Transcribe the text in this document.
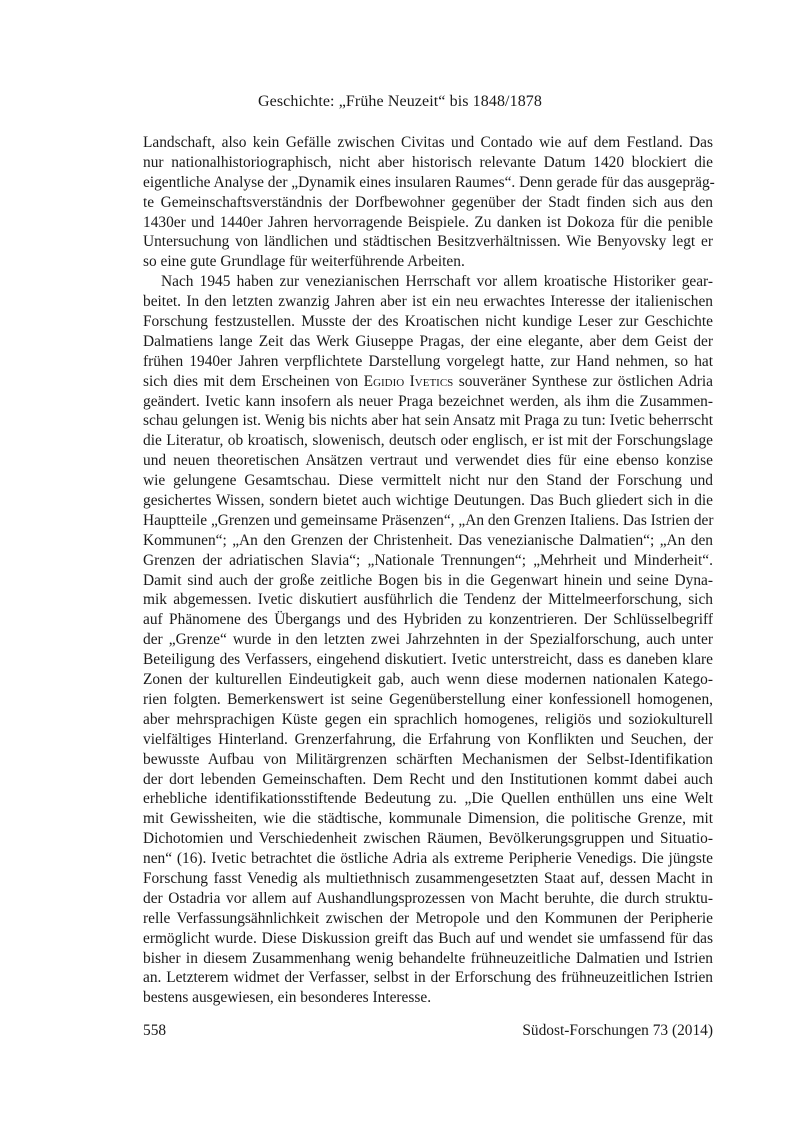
Geschichte: „Frühe Neuzeit“ bis 1848/1878
Landschaft, also kein Gefälle zwischen Civitas und Contado wie auf dem Festland. Das
nur nationalhistoriographisch, nicht aber historisch relevante Datum 1420 blockiert die
eigentliche Analyse der „Dynamik eines insularen Raumes“. Denn gerade für das ausgepräg-
te Gemeinschaftsverständnis der Dorfbewohner gegenüber der Stadt finden sich aus den
1430er und 1440er Jahren hervorragende Beispiele. Zu danken ist Dokoza für die penible
Untersuchung von ländlichen und städtischen Besitzverhältnissen. Wie Benyovsky legt er
so eine gute Grundlage für weiterführende Arbeiten.
Nach 1945 haben zur venezianischen Herrschaft vor allem kroatische Historiker gear-
beitet. In den letzten zwanzig Jahren aber ist ein neu erwachtes Interesse der italienischen
Forschung festzustellen. Musste der des Kroatischen nicht kundige Leser zur Geschichte
Dalmatiens lange Zeit das Werk Giuseppe Pragas, der eine elegante, aber dem Geist der
frühen 1940er Jahren verpflichtete Darstellung vorgelegt hatte, zur Hand nehmen, so hat
sich dies mit dem Erscheinen von Egidio Ivetics souveräner Synthese zur östlichen Adria
geändert. Ivetic kann insofern als neuer Praga bezeichnet werden, als ihm die Zusammen-
schau gelungen ist. Wenig bis nichts aber hat sein Ansatz mit Praga zu tun: Ivetic beherrscht
die Literatur, ob kroatisch, slowenisch, deutsch oder englisch, er ist mit der Forschungslage
und neuen theoretischen Ansätzen vertraut und verwendet dies für eine ebenso konzise
wie gelungene Gesamtschau. Diese vermittelt nicht nur den Stand der Forschung und
gesichertes Wissen, sondern bietet auch wichtige Deutungen. Das Buch gliedert sich in die
Hauptteile „Grenzen und gemeinsame Präsenzen“, „An den Grenzen Italiens. Das Istrien der
Kommunen“; „An den Grenzen der Christenheit. Das venezianische Dalmatien“; „An den
Grenzen der adriatischen Slavia“; „Nationale Trennungen“; „Mehrheit und Minderheit“.
Damit sind auch der große zeitliche Bogen bis in die Gegenwart hinein und seine Dyna-
mik abgemessen. Ivetic diskutiert ausführlich die Tendenz der Mittelmeerforschung, sich
auf Phänomene des Übergangs und des Hybriden zu konzentrieren. Der Schlüsselbegriff
der „Grenze“ wurde in den letzten zwei Jahrzehnten in der Spezialforschung, auch unter
Beteiligung des Verfassers, eingehend diskutiert. Ivetic unterstreicht, dass es daneben klare
Zonen der kulturellen Eindeutigkeit gab, auch wenn diese modernen nationalen Katego-
rien folgten. Bemerkenswert ist seine Gegenüberstellung einer konfessionell homogenen,
aber mehrsprachigen Küste gegen ein sprachlich homogenes, religiös und soziokulturell
vielfältiges Hinterland. Grenzerfahrung, die Erfahrung von Konflikten und Seuchen, der
bewusste Aufbau von Militärgrenzen schärften Mechanismen der Selbst-Identifikation
der dort lebenden Gemeinschaften. Dem Recht und den Institutionen kommt dabei auch
erhebliche identifikationsstiftende Bedeutung zu. „Die Quellen enthüllen uns eine Welt
mit Gewissheiten, wie die städtische, kommunale Dimension, die politische Grenze, mit
Dichotomien und Verschiedenheit zwischen Räumen, Bevölkerungsgruppen und Situatio-
nen“ (16). Ivetic betrachtet die östliche Adria als extreme Peripherie Venedigs. Die jüngste
Forschung fasst Venedig als multiethnisch zusammengesetzten Staat auf, dessen Macht in
der Ostadria vor allem auf Aushandlungsprozessen von Macht beruhte, die durch struktu-
relle Verfassungsähnlichkeit zwischen der Metropole und den Kommunen der Peripherie
ermöglicht wurde. Diese Diskussion greift das Buch auf und wendet sie umfassend für das
bisher in diesem Zusammenhang wenig behandelte frühneuzeitliche Dalmatien und Istrien
an. Letzterem widmet der Verfasser, selbst in der Erforschung des frühneuzeitlichen Istrien
bestens ausgewiesen, ein besonderes Interesse.
558	Südost-Forschungen 73 (2014)
